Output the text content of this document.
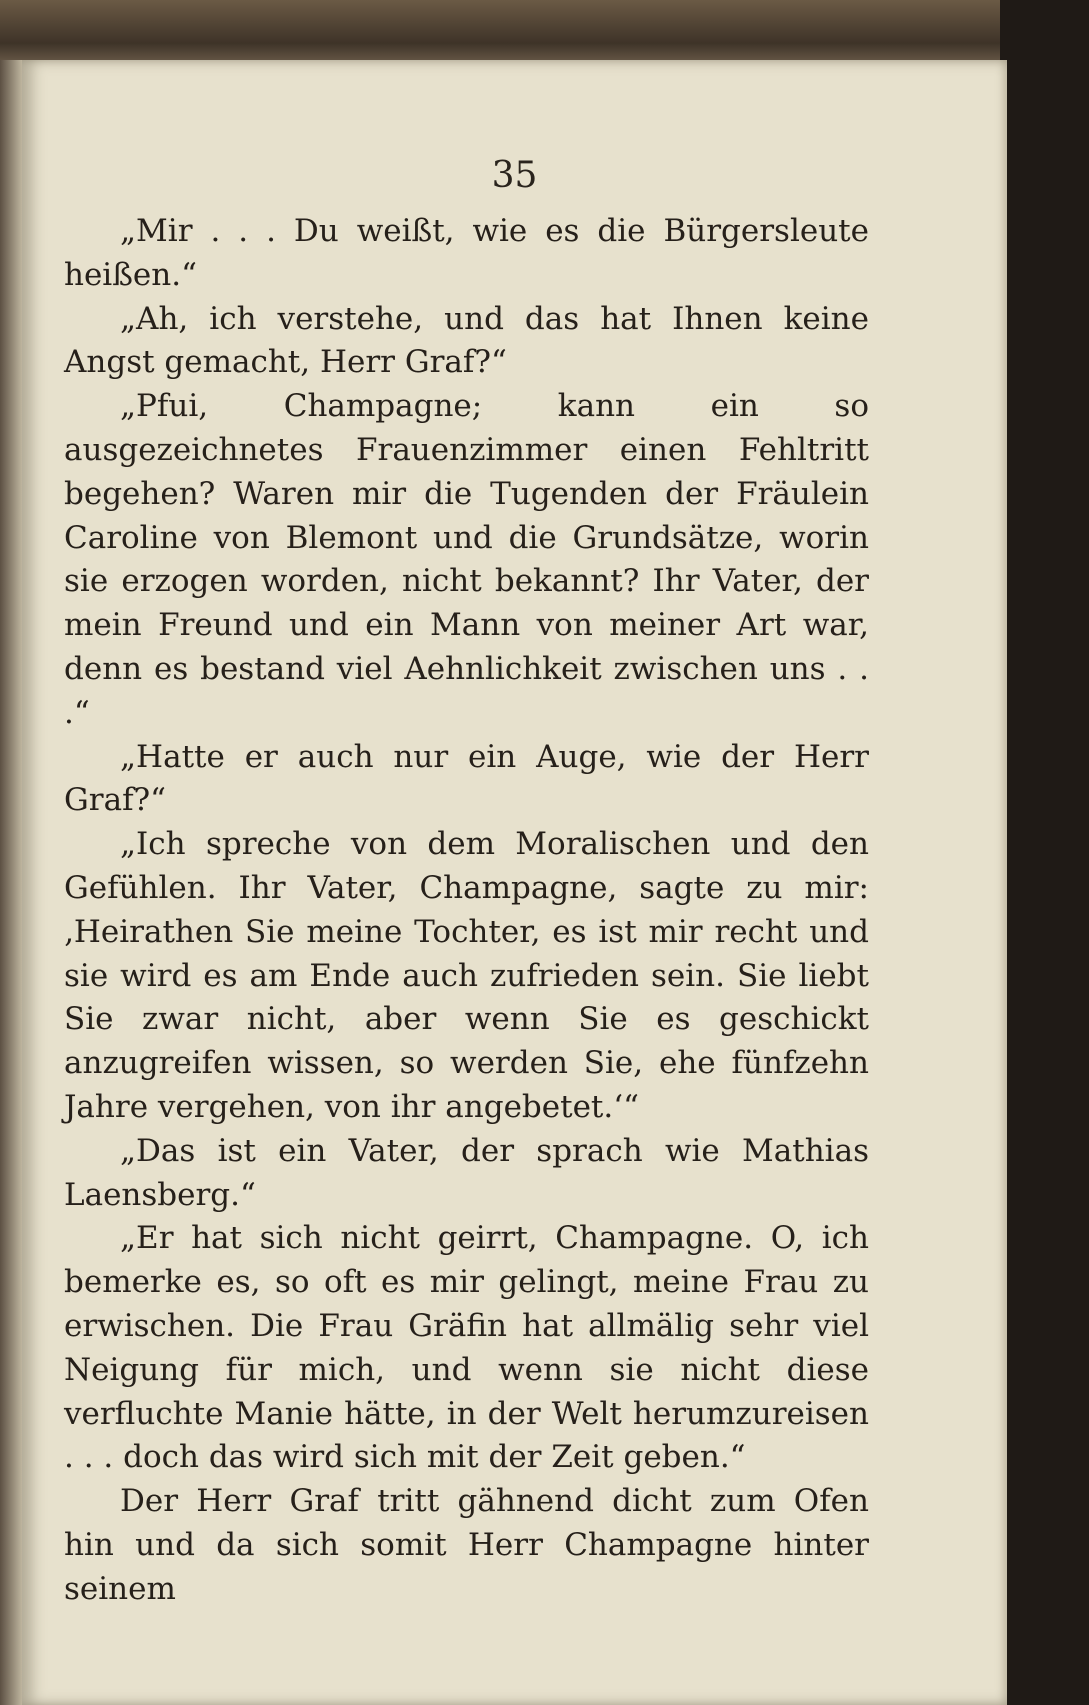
35

„Mir . . . Du weißt, wie es die Bürgersleute heißen.“

„Ah, ich verstehe, und das hat Ihnen keine Angst gemacht, Herr Graf?“

„Pfui, Champagne; kann ein so ausgezeichnetes Frauenzimmer einen Fehltritt begehen? Waren mir die Tugenden der Fräulein Caroline von Blemont und die Grundsätze, worin sie erzogen worden, nicht bekannt? Ihr Vater, der mein Freund und ein Mann von meiner Art war, denn es bestand viel Aehnlichkeit zwischen uns . . .“

„Hatte er auch nur ein Auge, wie der Herr Graf?“

„Ich spreche von dem Moralischen und den Gefühlen. Ihr Vater, Champagne, sagte zu mir: ‚Heirathen Sie meine Tochter, es ist mir recht und sie wird es am Ende auch zufrieden sein. Sie liebt Sie zwar nicht, aber wenn Sie es geschickt anzugreifen wissen, so werden Sie, ehe fünfzehn Jahre vergehen, von ihr angebetet.‘“

„Das ist ein Vater, der sprach wie Mathias Laensberg.“

„Er hat sich nicht geirrt, Champagne. O, ich bemerke es, so oft es mir gelingt, meine Frau zu erwischen. Die Frau Gräfin hat allmälig sehr viel Neigung für mich, und wenn sie nicht diese verfluchte Manie hätte, in der Welt herumzureisen . . . doch das wird sich mit der Zeit geben.“

Der Herr Graf tritt gähnend dicht zum Ofen hin und da sich somit Herr Champagne hinter seinem
